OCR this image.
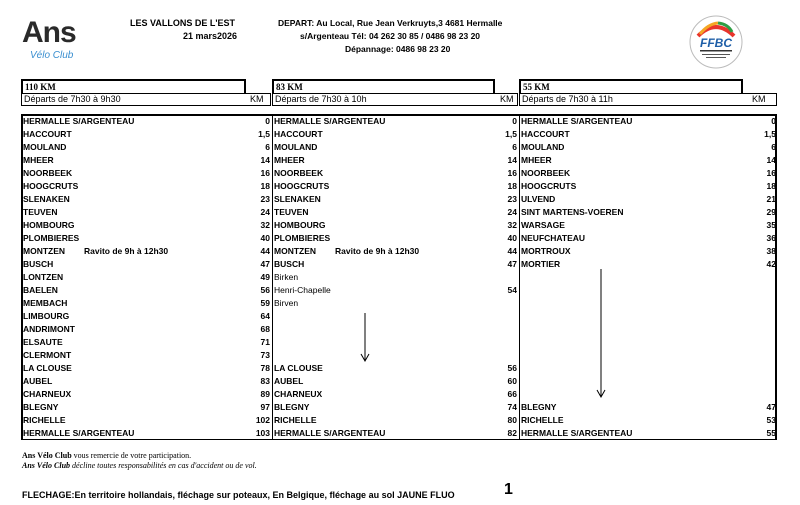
Ans
Vélo Club
LES VALLONS DE L'EST
21 mars2026
DEPART: Au Local, Rue Jean Verkruyts,3 4681 Hermalle
s/Argenteau Tél: 04 262 30 85 / 0486 98 23 20
Dépannage: 0486 98 23 20	FFBC
110 KM	83 KM	55 KM
Départs de 7h30 à 9h30	KM	Départs de 7h30 à 10h	KM Départs de 7h30 à 11h	KM
HERMALLE S/ARGENTEAU	0
HACCOURT	1,5
MOULAND	6
MHEER	14
NOORBEEK	16
HOOGCRUTS	18
SLENAKEN	23
TEUVEN	24
HOMBOURG	32
PLOMBIERES	40
MONTZEN	44
Ravito de 9h à 12h30
BUSCH	47
LONTZEN	49
BAELEN	56
MEMBACH	59
LIMBOURG	64
ANDRIMONT	68
ELSAUTE	71
CLERMONT	73
LA CLOUSE	78
AUBEL	83
CHARNEUX	89
BLEGNY	97
RICHELLE	102
HERMALLE S/ARGENTEAU	103
HERMALLE S/ARGENTEAU	0
HACCOURT	1,5
MOULAND	6
MHEER	14
NOORBEEK	16
HOOGCRUTS	18
SLENAKEN	23
TEUVEN	24
HOMBOURG	32
PLOMBIERES	40
MONTZEN	44
Ravito de 9h à 12h30
BUSCH	47
Birken
Henri-Chapelle	54
Birven
LA CLOUSE	56
AUBEL	60
CHARNEUX	66
BLEGNY	74
RICHELLE	80
HERMALLE S/ARGENTEAU	82
HERMALLE S/ARGENTEAU	0
HACCOURT	1,5
MOULAND	6
MHEER	14
NOORBEEK	16
HOOGCRUTS	18
ULVEND	21
SINT MARTENS-VOEREN	29
WARSAGE	35
NEUFCHATEAU	36
MORTROUX	38
MORTIER	42
BLEGNY	47
RICHELLE	53
HERMALLE S/ARGENTEAU	55
Ans Vélo Club vous remercie de votre participation.
Ans Vélo Club décline toutes responsabilités en cas d'accident ou de vol.
FLECHAGE:En territoire hollandais, fléchage sur poteaux, En Belgique, fléchage au sol JAUNE FLUO	1
